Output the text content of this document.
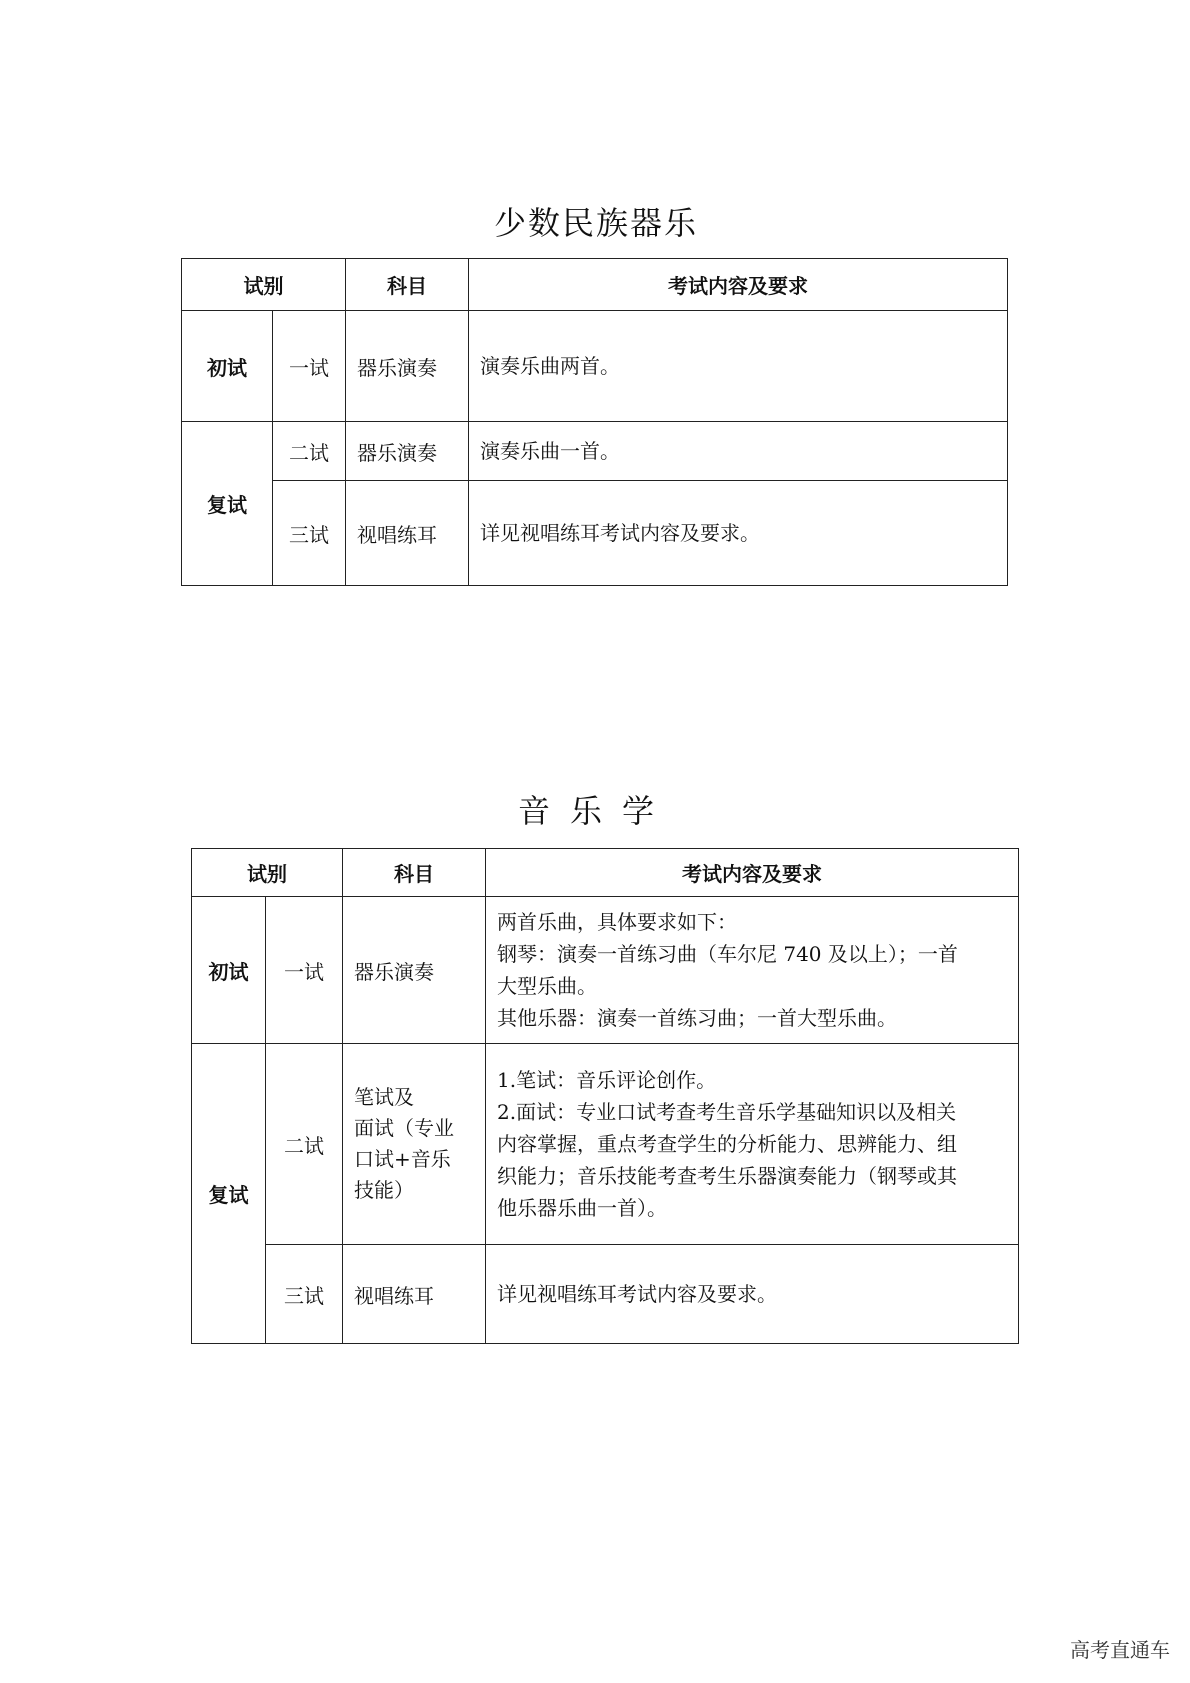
少数民族器乐
试别		科目	考试内容及要求
初试	一试	器乐演奏	演奏乐曲两首。
复试	二试	器乐演奏	演奏乐曲一首。
	三试	视唱练耳	详见视唱练耳考试内容及要求。
音乐学
试别		科目	考试内容及要求
初试	一试	器乐演奏	两首乐曲，具体要求如下：
钢琴：演奏一首练习曲（车尔尼 740 及以上）；一首
大型乐曲。
其他乐器：演奏一首练习曲；一首大型乐曲。

复试	二试	笔试及
面试（专业
口试+音乐
技能）	1.笔试：音乐评论创作。
2.面试：专业口试考查考生音乐学基础知识以及相关
内容掌握，重点考查学生的分析能力、思辨能力、组
织能力；音乐技能考查考生乐器演奏能力（钢琴或其
他乐器乐曲一首）。

	三试	视唱练耳	详见视唱练耳考试内容及要求。
高考直通车
